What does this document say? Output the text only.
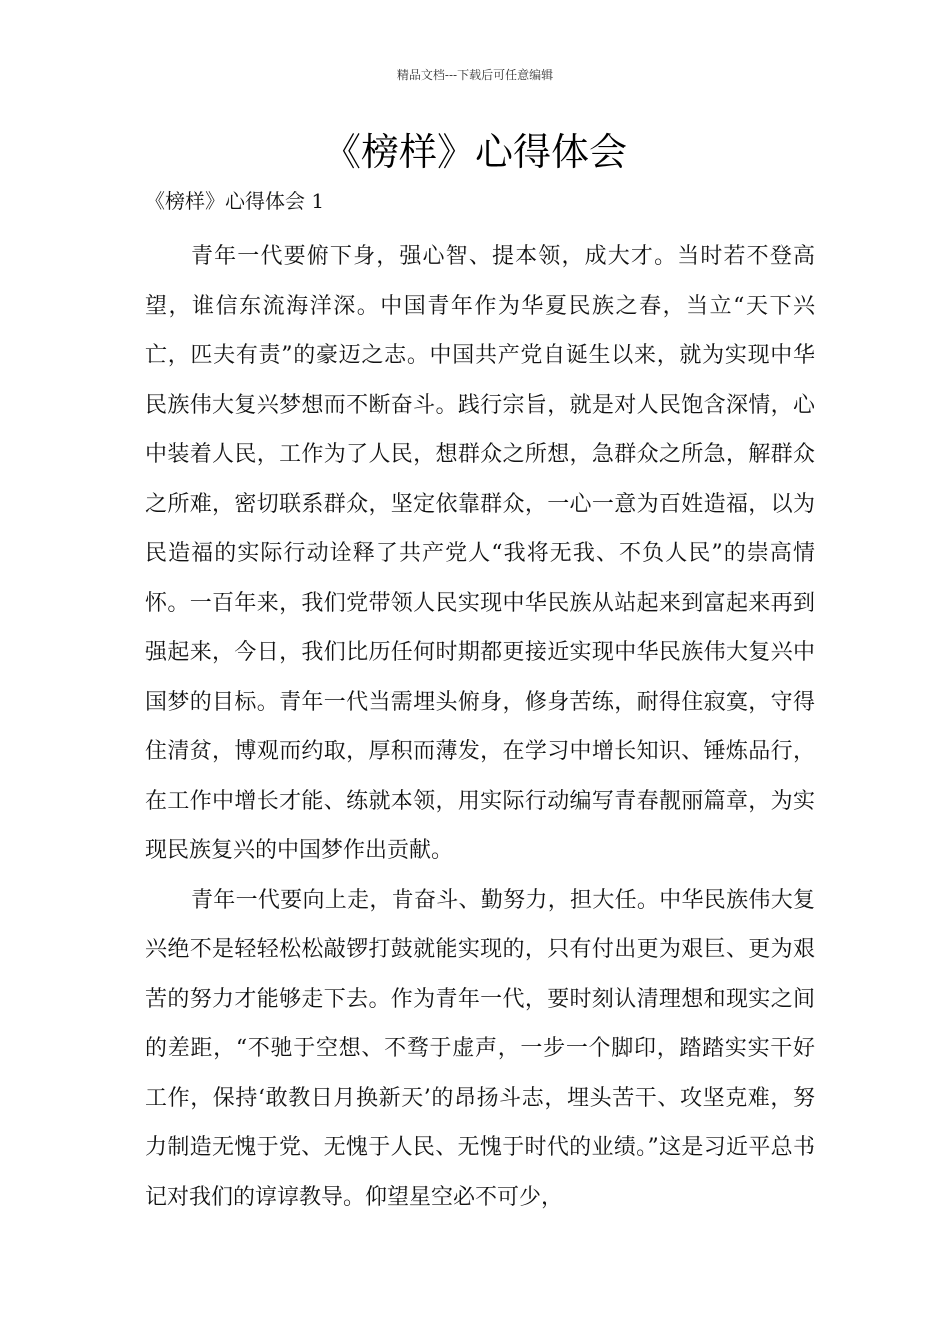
精品文档---下载后可任意编辑
《榜样》心得体会
《榜样》心得体会 1

青年一代要俯下身，强心智、提本领，成大才。当时若不登高望，谁信东流海洋深。中国青年作为华夏民族之春，当立“天下兴亡，匹夫有责”的豪迈之志。中国共产党自诞生以来，就为实现中华民族伟大复兴梦想而不断奋斗。践行宗旨，就是对人民饱含深情，心中装着人民，工作为了人民，想群众之所想，急群众之所急，解群众之所难，密切联系群众，坚定依靠群众，一心一意为百姓造福，以为民造福的实际行动诠释了共产党人“我将无我、不负人民”的崇高情怀。一百年来，我们党带领人民实现中华民族从站起来到富起来再到强起来，今日，我们比历任何时期都更接近实现中华民族伟大复兴中国梦的目标。青年一代当需埋头俯身，修身苦练，耐得住寂寞，守得住清贫，博观而约取，厚积而薄发，在学习中增长知识、锤炼品行，在工作中增长才能、练就本领，用实际行动编写青春靓丽篇章，为实现民族复兴的中国梦作出贡献。

青年一代要向上走，肯奋斗、勤努力，担大任。中华民族伟大复兴绝不是轻轻松松敲锣打鼓就能实现的，只有付出更为艰巨、更为艰苦的努力才能够走下去。作为青年一代，要时刻认清理想和现实之间的差距，“不驰于空想、不骛于虚声，一步一个脚印，踏踏实实干好工作，保持‘敢教日月换新天’的昂扬斗志，埋头苦干、攻坚克难，努力制造无愧于党、无愧于人民、无愧于时代的业绩。”这是习近平总书记对我们的谆谆教导。仰望星空必不可少，
